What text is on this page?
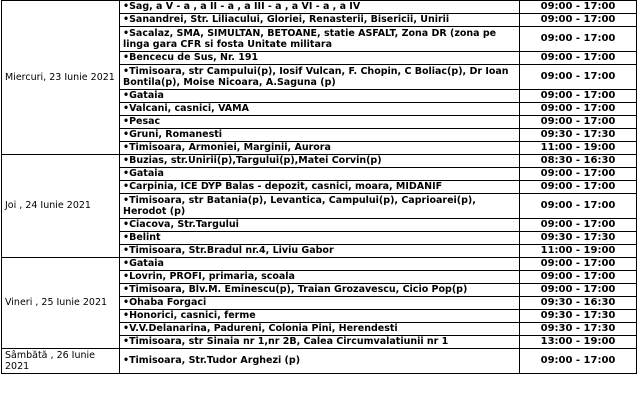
Miercuri, 23 Iunie 2021	•Sag, a V - a , a II - a , a III - a , a VI - a , a IV	09:00 - 17:00
	•Sanandrei, Str. Liliacului, Gloriei, Renasterii, Bisericii, Unirii	09:00 - 17:00
	•Sacalaz, SMA, SIMULTAN, BETOANE, statie ASFALT, Zona DR (zona pe linga gara CFR si fosta Unitate militara	09:00 - 17:00
	•Bencecu de Sus, Nr. 191	09:00 - 17:00
	•Timisoara, str Campului(p), Iosif Vulcan, F. Chopin, C Boliac(p), Dr Ioan Bontila(p), Moise Nicoara, A.Saguna (p)	09:00 - 17:00
	•Gataia	09:00 - 17:00
	•Valcani, casnici, VAMA	09:00 - 17:00
	•Pesac	09:00 - 17:00
	•Gruni, Romanesti	09:30 - 17:30
	•Timisoara, Armoniei, Marginii, Aurora	11:00 - 19:00
Joi , 24 Iunie 2021	•Buzias, str.Unirii(p),Targului(p),Matei Corvin(p)	08:30 - 16:30
	•Gataia	09:00 - 17:00
	•Carpinia, ICE DYP Balas - depozit, casnici, moara, MIDANIF	09:00 - 17:00
	•Timisoara, str Batania(p), Levantica, Campului(p), Caprioarei(p), Herodot (p)	09:00 - 17:00
	•Ciacova, Str.Targului	09:00 - 17:00
	•Belint	09:30 - 17:30
	•Timisoara, Str.Bradul nr.4, Liviu Gabor	11:00 - 19:00
Vineri , 25 Iunie 2021	•Gataia	09:00 - 17:00
	•Lovrin, PROFI, primaria, scoala	09:00 - 17:00
	•Timisoara, Blv.M. Eminescu(p), Traian Grozavescu, Cicio Pop(p)	09:00 - 17:00
	•Ohaba Forgaci	09:30 - 16:30
	•Honorici, casnici, ferme	09:30 - 17:30
	•V.V.Delanarina, Padureni, Colonia Pini, Herendesti	09:30 - 17:30
	•Timisoara, str Sinaia nr 1,nr 2B, Calea Circumvalatiunii nr 1	13:00 - 19:00
Sâmbătă , 26 Iunie 2021	•Timisoara, Str.Tudor Arghezi (p)	09:00 - 17:00
